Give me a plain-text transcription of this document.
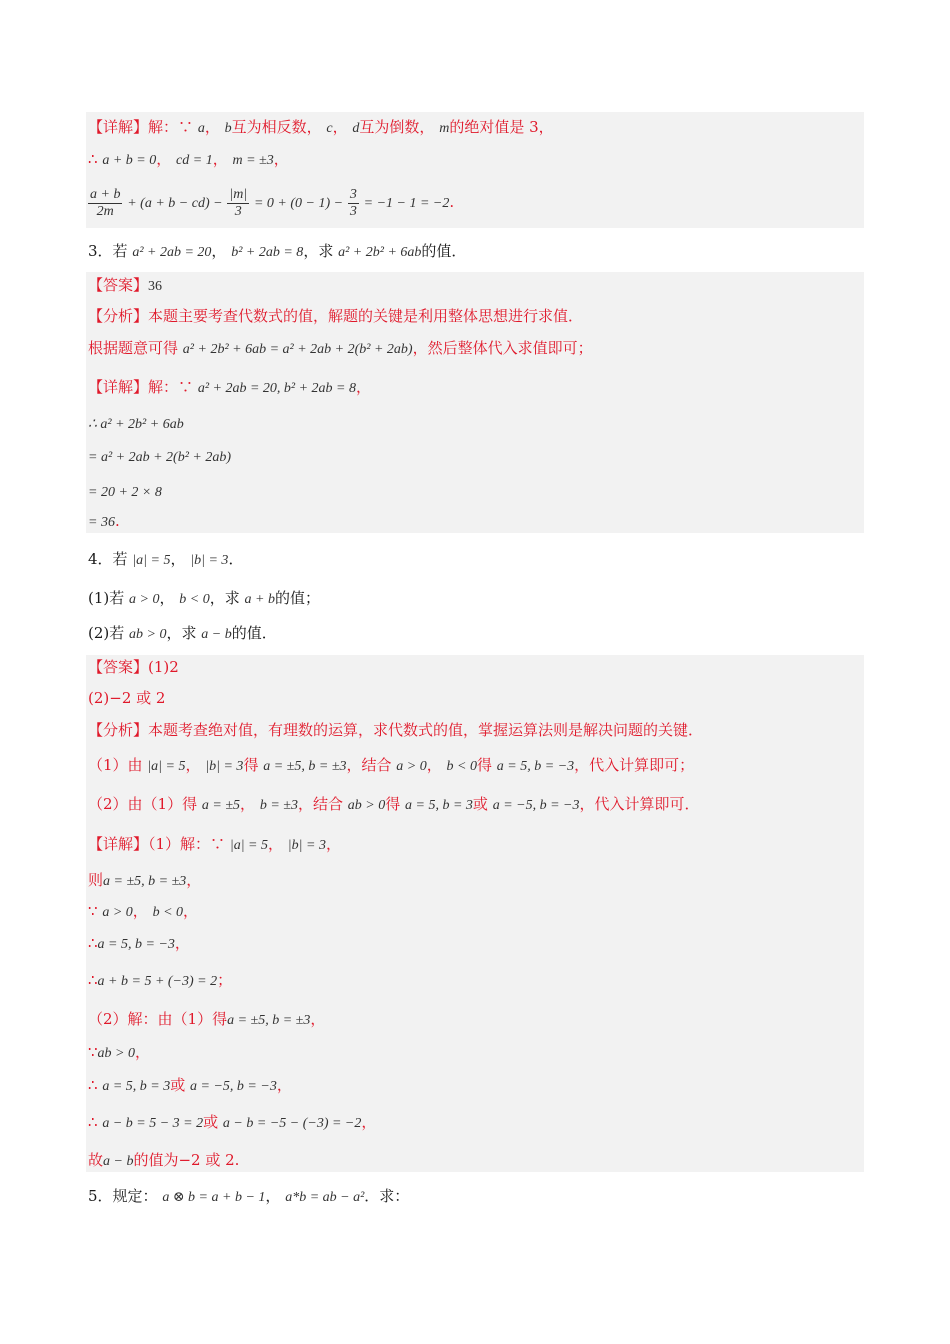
【详解】解：∵ a， b互为相反数， c， d互为倒数， m的绝对值是 3，
∴ a + b = 0， cd = 1， m = ±3，
$\frac{a + b}{2m} + (a + b - cd) - \frac{|m|}{3} = 0 + (0 - 1) - \frac{3}{3} = -1 - 1 = -2$.
3．若 a² + 2ab = 20， b² + 2ab = 8，求 a² + 2b² + 6ab的值．
【答案】36
【分析】本题主要考查代数式的值，解题的关键是利用整体思想进行求值．
根据题意可得 a² + 2b² + 6ab = a² + 2ab + 2(b² + 2ab)，然后整体代入求值即可；
【详解】解：∵ a² + 2ab = 20, b² + 2ab = 8，
∴ a² + 2b² + 6ab
= a² + 2ab + 2(b² + 2ab)
= 20 + 2 × 8
= 36.
4．若 |a| = 5， |b| = 3．
(1)若 a > 0， b < 0，求 a + b的值；
(2)若 ab > 0，求 a − b的值．
【答案】(1)2
(2)−2 或 2
【分析】本题考查绝对值，有理数的运算，求代数式的值，掌握运算法则是解决问题的关键．
（1）由 |a| = 5， |b| = 3得 a = ±5, b = ±3，结合 a > 0， b < 0得 a = 5, b = −3，代入计算即可；
（2）由（1）得 a = ±5， b = ±3，结合 ab > 0得 a = 5, b = 3或 a = −5, b = −3，代入计算即可．
【详解】（1）解：∵ |a| = 5， |b| = 3，
则a = ±5, b = ±3，
∵ a > 0， b < 0，
∴a = 5, b = −3，
∴a + b = 5 + (−3) = 2；
（2）解：由（1）得a = ±5, b = ±3，
∵ab > 0，
∴ a = 5, b = 3或 a = −5, b = −3，
∴ a − b = 5 − 3 = 2或 a − b = −5 − (−3) = −2，
故a − b的值为−2 或 2.
5．规定： a ⊗ b = a + b − 1， a*b = ab − a²．求：
